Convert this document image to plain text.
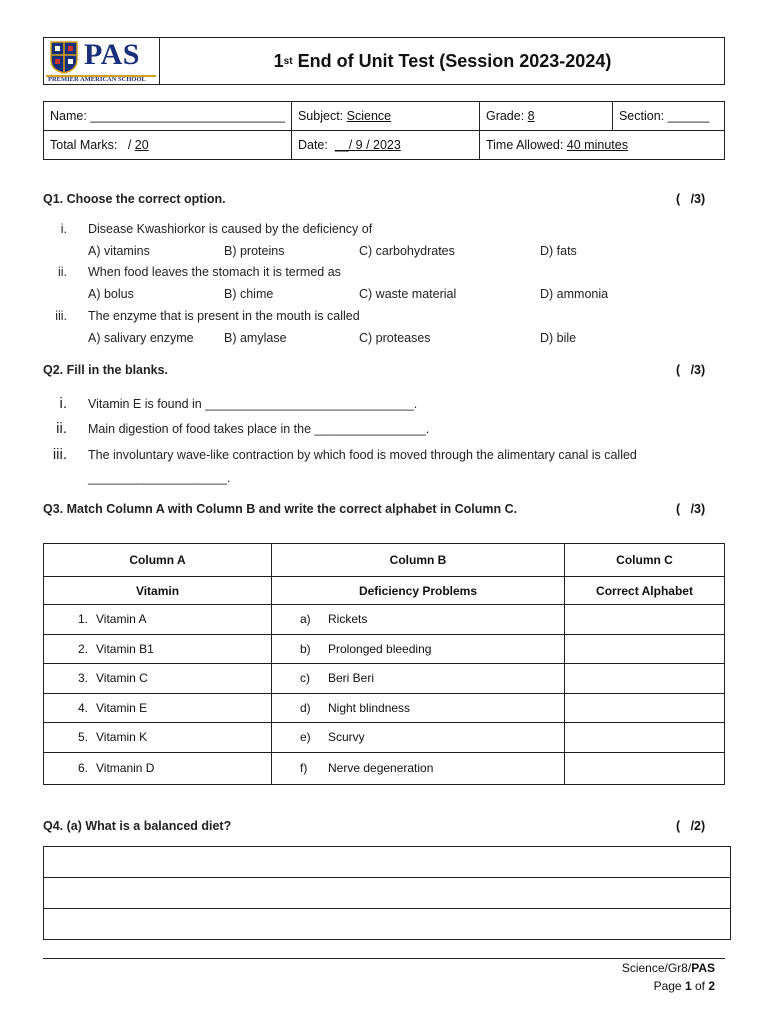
PAS
PREMIER AMERICAN SCHOOL
1 st End of Unit Test (Session 2023-2024)
Name: ____________________________	Subject: Science	Grade: 8	Section: ______
Total Marks: / 20	Date: __/ 9 / 2023	Time Allowed: 40 minutes	
Q1. Choose the correct option.	(   /3)
i. Disease Kwashiorkor is caused by the deficiency of
A) vitamins	B) proteins	C) carbohydrates	D) fats
ii. When food leaves the stomach it is termed as
A) bolus	B) chime	C) waste material	D) ammonia
iii. The enzyme that is present in the mouth is called
A) salivary enzyme B) amylase	C) proteases	D) bile
Q2. Fill in the blanks.	(   /3)
i. Vitamin E is found in ______________________________.
ii. Main digestion of food takes place in the ________________.
iii. The involuntary wave-like contraction by which food is moved through the alimentary canal is called
____________________.
Q3. Match Column A with Column B and write the correct alphabet in Column C.	(   /3)
Column A	Column B	Column C
Vitamin	Deficiency Problems	Correct Alphabet
1. Vitamin A	a) Rickets	
2. Vitamin B1	b) Prolonged bleeding	
3. Vitamin C	c) Beri Beri	
4. Vitamin E	d) Night blindness	
5. Vitamin K	e) Scurvy	
6. Vitmanin D	f) Nerve degeneration	
Q4. (a) What is a balanced diet?	(   /2)

Science/Gr8/PAS
Page 1 of 2
